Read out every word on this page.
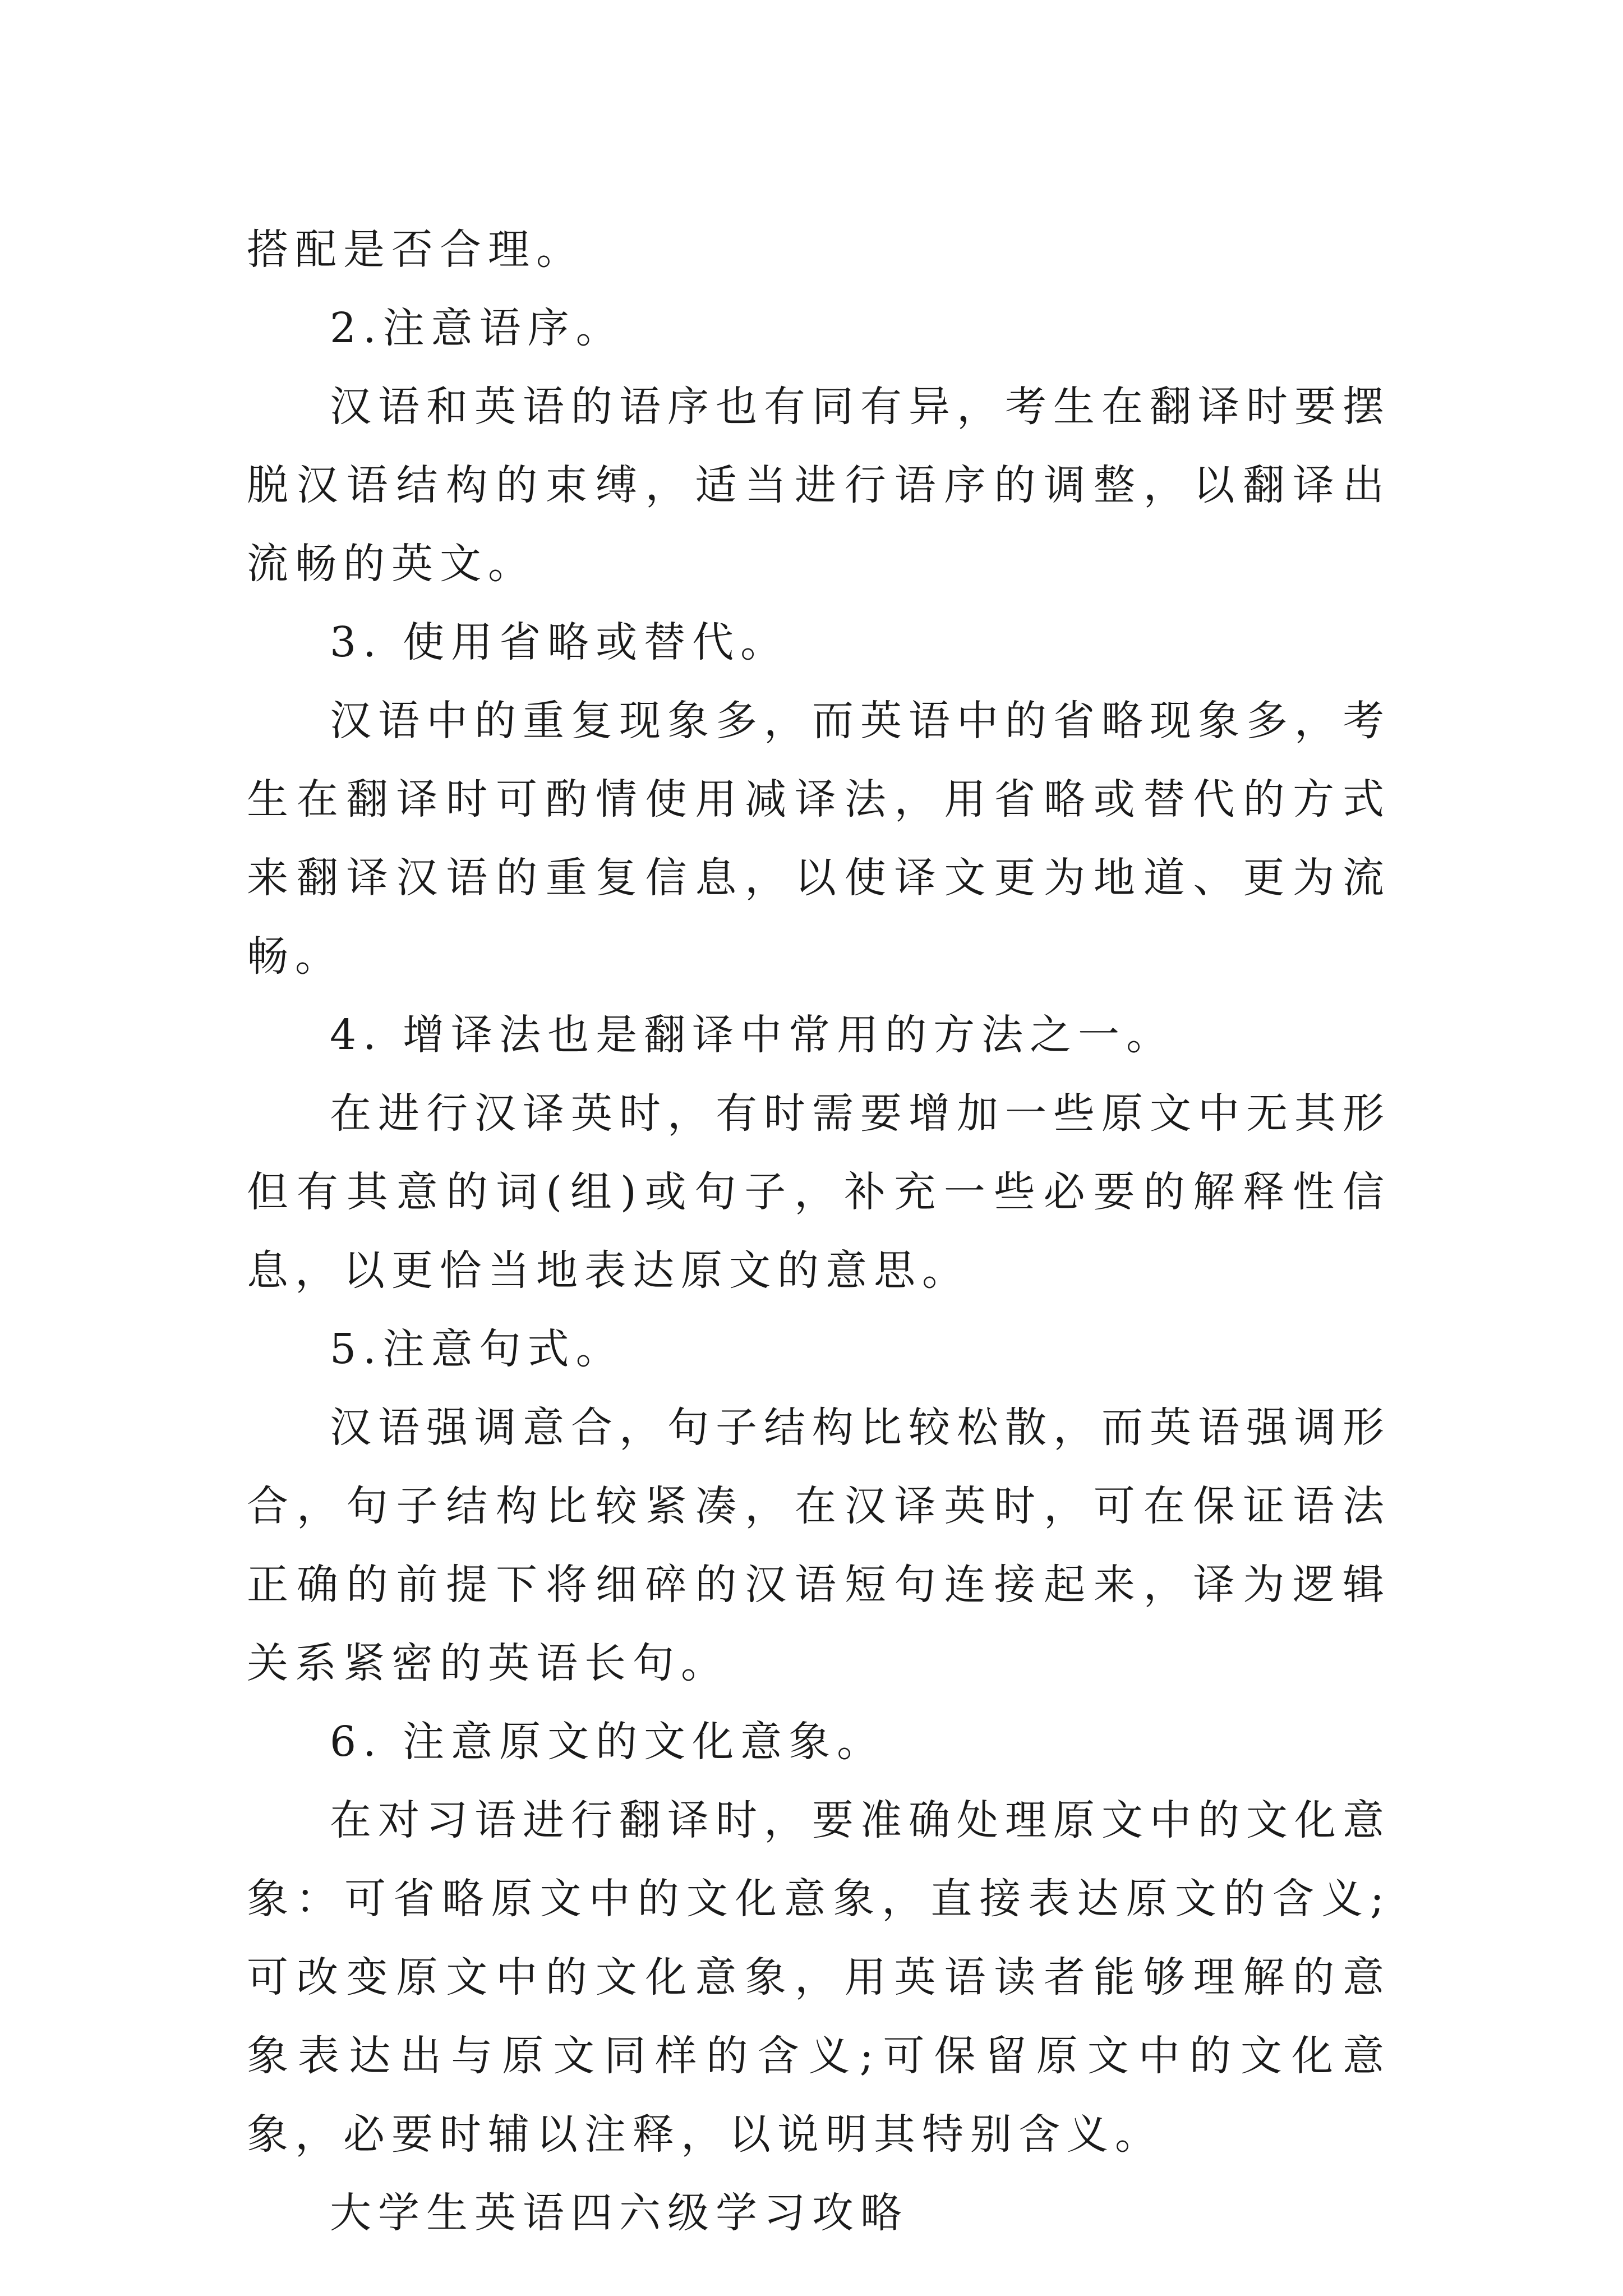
搭配是否合理。

2.注意语序。

汉语和英语的语序也有同有异，考生在翻译时要摆脱汉语结构的束缚，适当进行语序的调整，以翻译出流畅的英文。

3. 使用省略或替代。

汉语中的重复现象多，而英语中的省略现象多，考生在翻译时可酌情使用减译法，用省略或替代的方式来翻译汉语的重复信息，以使译文更为地道、更为流畅。

4. 增译法也是翻译中常用的方法之一。

在进行汉译英时，有时需要增加一些原文中无其形但有其意的词(组)或句子，补充一些必要的解释性信息，以更恰当地表达原文的意思。

5.注意句式。

汉语强调意合，句子结构比较松散，而英语强调形合，句子结构比较紧凑，在汉译英时，可在保证语法正确的前提下将细碎的汉语短句连接起来，译为逻辑关系紧密的英语长句。

6. 注意原文的文化意象。

在对习语进行翻译时，要准确处理原文中的文化意象：可省略原文中的文化意象，直接表达原文的含义;可改变原文中的文化意象，用英语读者能够理解的意象表达出与原文同样的含义;可保留原文中的文化意象，必要时辅以注释，以说明其特别含义。

大学生英语四六级学习攻略
